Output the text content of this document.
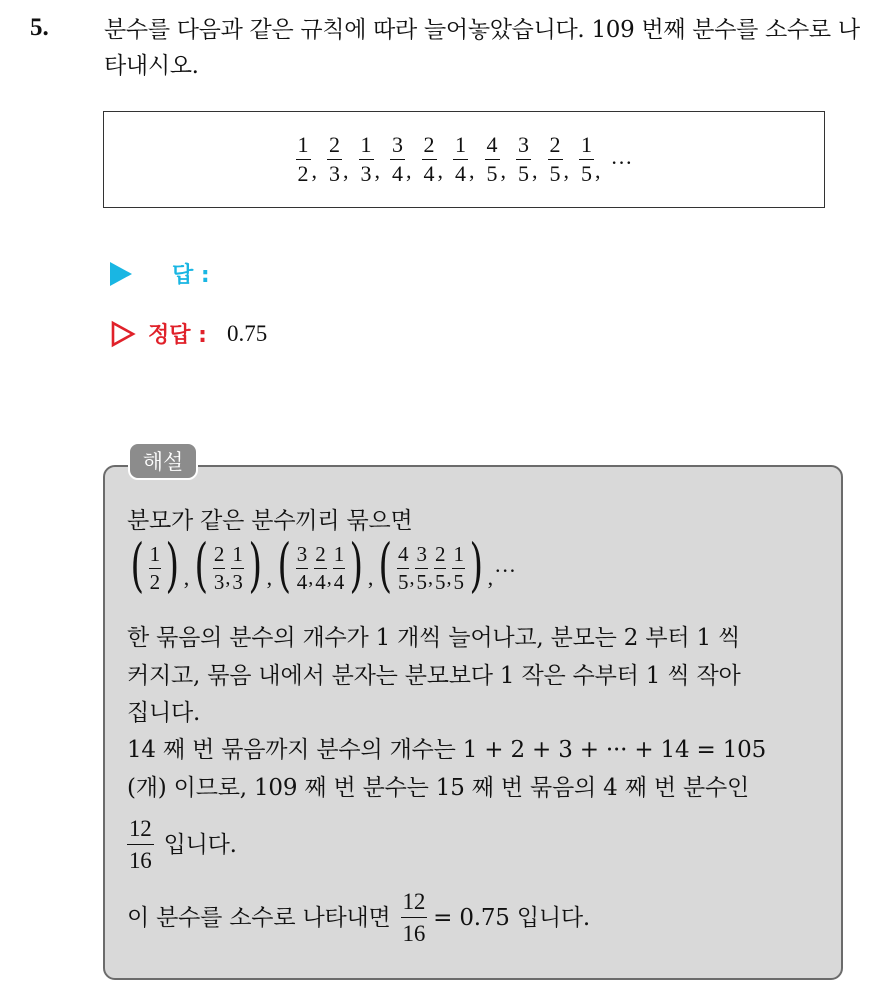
5. 분수를 다음과 같은 규칙에 따라 늘어놓았습니다. 109 번째 분수를 소수로 나타내시오.
$\frac{1}{2}$ , $\frac{2}{3}$ , $\frac{1}{3}$ , $\frac{3}{4}$ , $\frac{2}{4}$ , $\frac{1}{4}$ , $\frac{4}{5}$ , $\frac{3}{5}$ , $\frac{2}{5}$ , $\frac{1}{5}$ , ···
답 :
정답 : 0.75
해설
분모가 같은 분수끼리 묶으면
( $\frac{1}{2}$ ) , ( $\frac{2}{3}$ , $\frac{1}{3}$ ) , ( $\frac{3}{4}$ , $\frac{2}{4}$ , $\frac{1}{4}$ ) , ( $\frac{4}{5}$ , $\frac{3}{5}$ , $\frac{2}{5}$ , $\frac{1}{5}$ ) , ···
한 묶음의 분수의 개수가 1 개씩 늘어나고, 분모는 2 부터 1 씩
커지고, 묶음 내에서 분자는 분모보다 1 작은 수부터 1 씩 작아
집니다.
14 째 번 묶음까지 분수의 개수는 1 + 2 + 3 + ··· + 14 = 105
(개) 이므로, 109 째 번 분수는 15 째 번 묶음의 4 째 번 분수인
$\frac{12}{16}$ 입니다.
이 분수를 소수로 나타내면 $\frac{12}{16} = 0.75$ 입니다.
